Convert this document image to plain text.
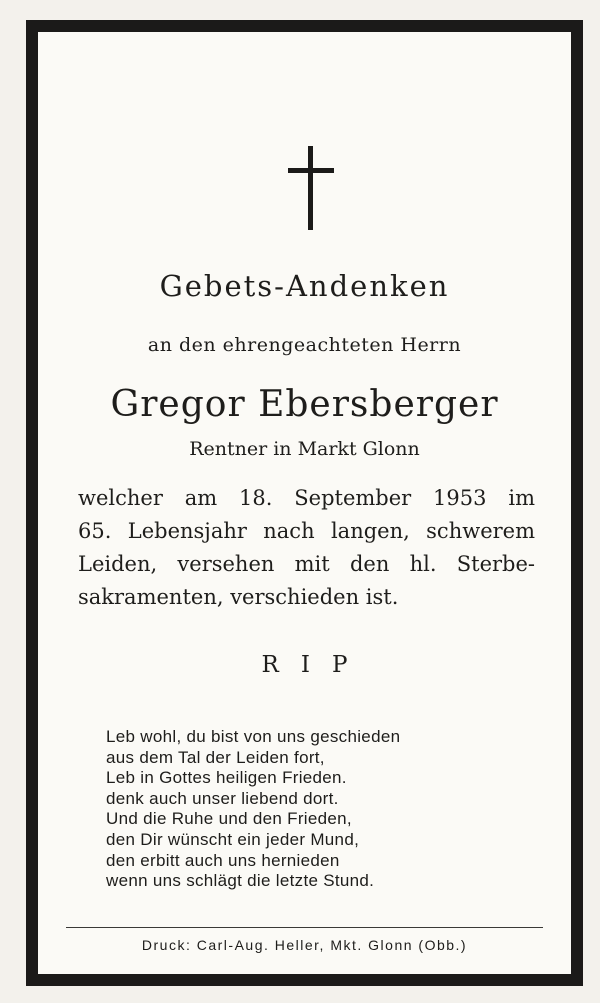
Gebets-Andenken
an den ehrengeachteten Herrn
Gregor Ebersberger
Rentner in Markt Glonn
welcher am 18. September 1953 im
65. Lebensjahr nach langen, schwerem
Leiden, versehen mit den hl. Sterbe-
sakramenten, verschieden ist.
RIP
Leb wohl, du bist von uns geschieden
aus dem Tal der Leiden fort,
Leb in Gottes heiligen Frieden.
denk auch unser liebend dort.
Und die Ruhe und den Frieden,
den Dir wünscht ein jeder Mund,
den erbitt auch uns hernieden
wenn uns schlägt die letzte Stund.
Druck: Carl-Aug. Heller, Mkt. Glonn (Obb.)
